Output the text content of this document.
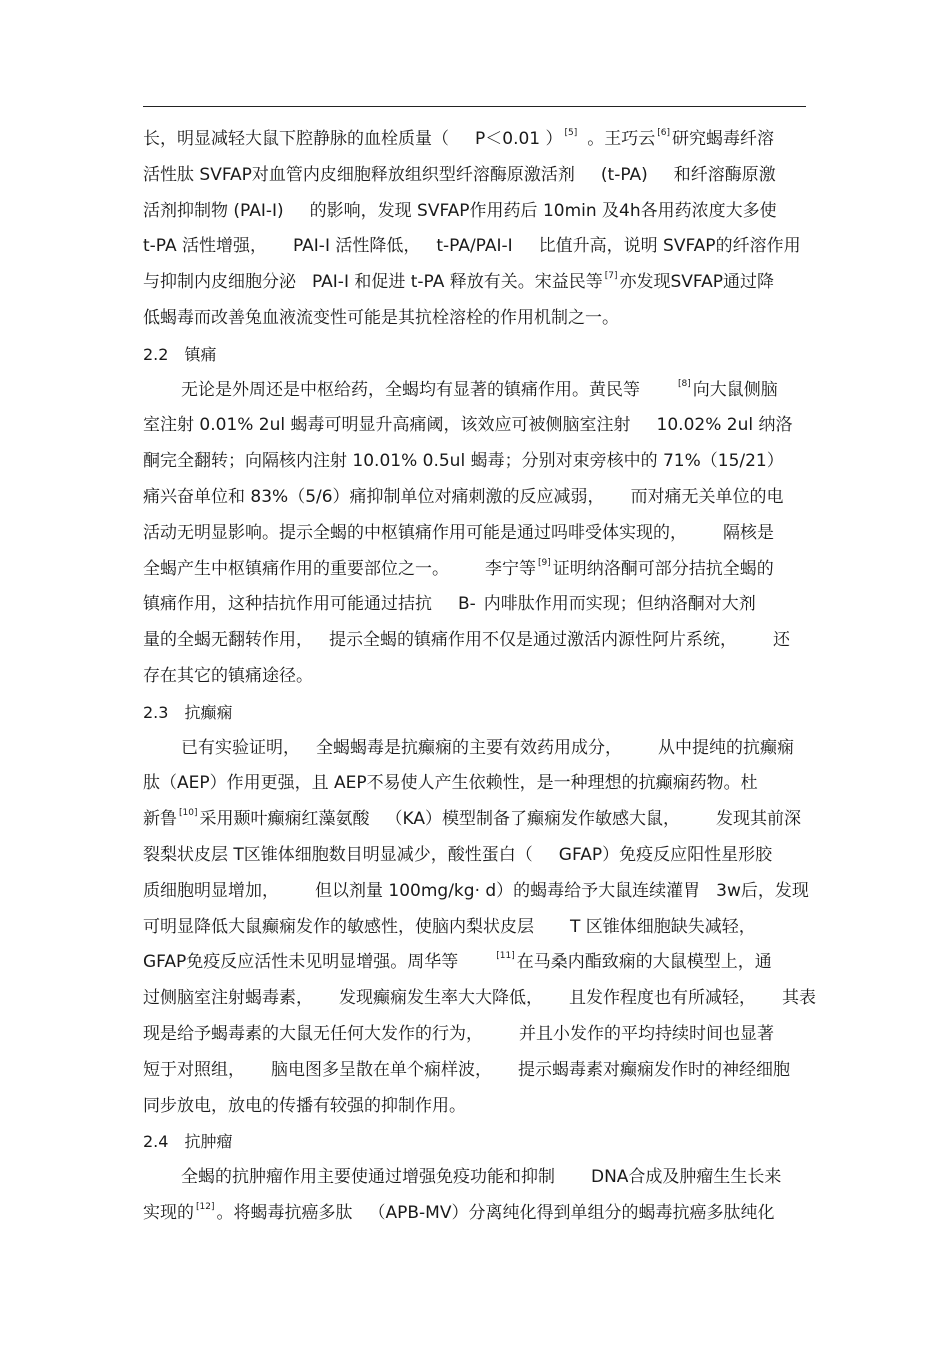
长，明显减轻大鼠下腔静脉的血栓质量（ P＜0.01 ） [5] 。王巧云 [6] 研究蝎毒纤溶
活性肽 SVFAP对血管内皮细胞释放组织型纤溶酶原激活剂 (t-PA) 和纤溶酶原激
活剂抑制物 (PAI-I) 的影响，发现 SVFAP作用药后 10min 及4h各用药浓度大多使
t-PA 活性增强， PAI-I 活性降低， t-PA/PAI-I 比值升高，说明 SVFAP的纤溶作用
与抑制内皮细胞分泌 PAI-I 和促进 t-PA 释放有关。宋益民等 [7] 亦发现SVFAP通过降
低蝎毒而改善兔血液流变性可能是其抗栓溶栓的作用机制之一。
2.2 镇痛
无论是外周还是中枢给药，全蝎均有显著的镇痛作用。黄民等	[8] 向大鼠侧脑
室注射 0.01% 2ul 蝎毒可明显升高痛阈，该效应可被侧脑室注射 10.02% 2ul 纳洛
酮完全翻转；向隔核内注射 10.01% 0.5ul 蝎毒；分别对束旁核中的 71%（15/21）
痛兴奋单位和 83%（5/6）痛抑制单位对痛刺激的反应减弱， 而对痛无关单位的电
活动无明显影响。提示全蝎的中枢镇痛作用可能是通过吗啡受体实现的， 隔核是
全蝎产生中枢镇痛作用的重要部位之一。 李宁等 [9] 证明纳洛酮可部分拮抗全蝎的
镇痛作用，这种拮抗作用可能通过拮抗 B- 内啡肽作用而实现；但纳洛酮对大剂
量的全蝎无翻转作用， 提示全蝎的镇痛作用不仅是通过激活内源性阿片系统， 还
存在其它的镇痛途径。
2.3 抗癫痫
已有实验证明， 全蝎蝎毒是抗癫痫的主要有效药用成分， 从中提纯的抗癫痫
肽（AEP）作用更强，且 AEP不易使人产生依赖性，是一种理想的抗癫痫药物。杜
新鲁 [10] 采用颞叶癫痫红藻氨酸 （KA）模型制备了癫痫发作敏感大鼠， 发现其前深
裂梨状皮层 T区锥体细胞数目明显减少，酸性蛋白（ GFAP）免疫反应阳性星形胶
质细胞明显增加， 但以剂量 100mg/kg· d）的蝎毒给予大鼠连续灌胃 3w后，发现
可明显降低大鼠癫痫发作的敏感性，使脑内梨状皮层 T 区锥体细胞缺失减轻，
GFAP免疫反应活性未见明显增强。周华等	[11] 在马桑内酯致痫的大鼠模型上，通
过侧脑室注射蝎毒素， 发现癫痫发生率大大降低， 且发作程度也有所减轻， 其表
现是给予蝎毒素的大鼠无任何大发作的行为， 并且小发作的平均持续时间也显著
短于对照组， 脑电图多呈散在单个痫样波， 提示蝎毒素对癫痫发作时的神经细胞
同步放电，放电的传播有较强的抑制作用。
2.4 抗肿瘤
全蝎的抗肿瘤作用主要使通过增强免疫功能和抑制 DNA合成及肿瘤生生长来
实现的 [12] 。将蝎毒抗癌多肽 （APB-MV）分离纯化得到单组分的蝎毒抗癌多肽纯化
